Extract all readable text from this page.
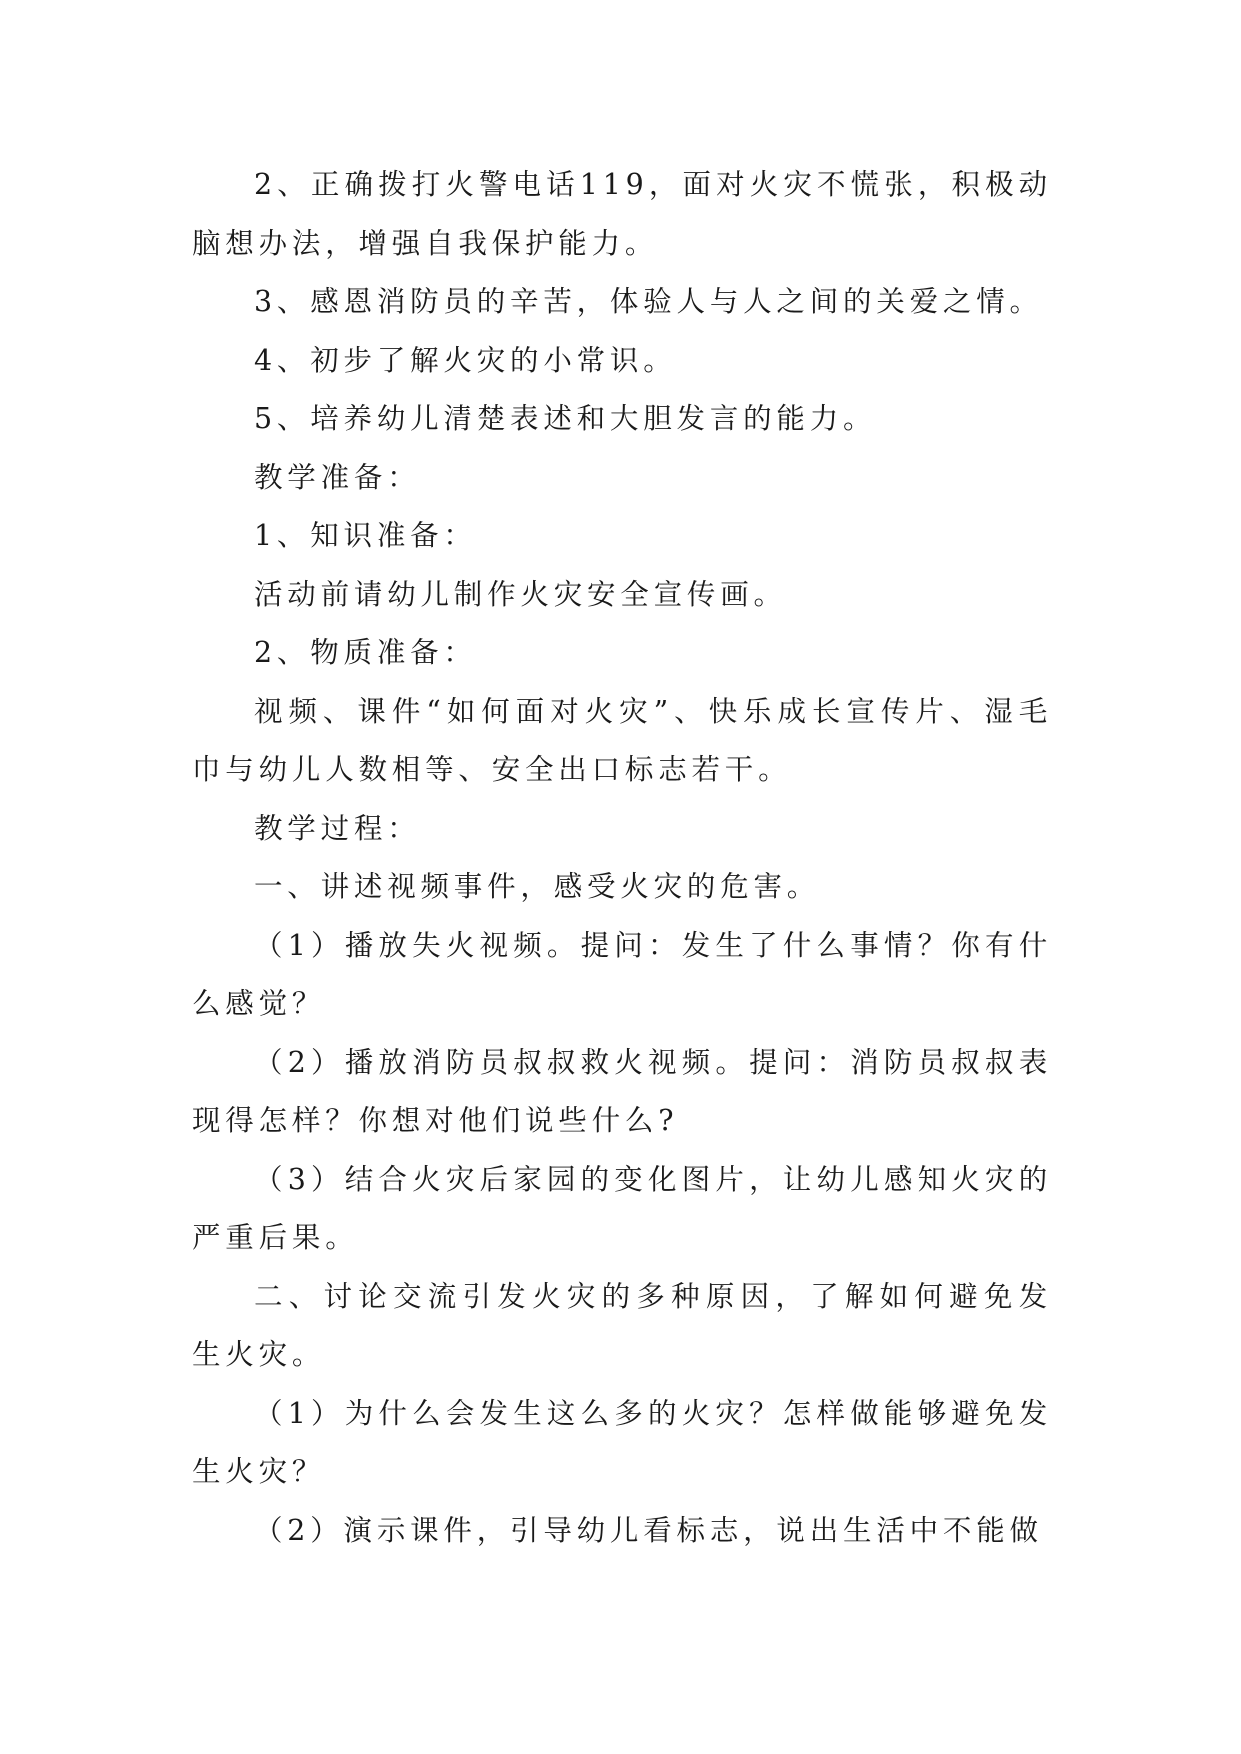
2、正确拨打火警电话119，面对火灾不慌张，积极动脑想办法，增强自我保护能力。

3、感恩消防员的辛苦，体验人与人之间的关爱之情。

4、初步了解火灾的小常识。

5、培养幼儿清楚表述和大胆发言的能力。

教学准备：

1、知识准备：

活动前请幼儿制作火灾安全宣传画。

2、物质准备：

视频、课件“如何面对火灾”、快乐成长宣传片、湿毛巾与幼儿人数相等、安全出口标志若干。

教学过程：

一、讲述视频事件，感受火灾的危害。

（1）播放失火视频。提问：发生了什么事情？你有什么感觉？

（2）播放消防员叔叔救火视频。提问：消防员叔叔表现得怎样？你想对他们说些什么?

（3）结合火灾后家园的变化图片，让幼儿感知火灾的严重后果。

二、讨论交流引发火灾的多种原因，了解如何避免发生火灾。

（1）为什么会发生这么多的火灾？怎样做能够避免发生火灾？

（2）演示课件，引导幼儿看标志，说出生活中不能做
